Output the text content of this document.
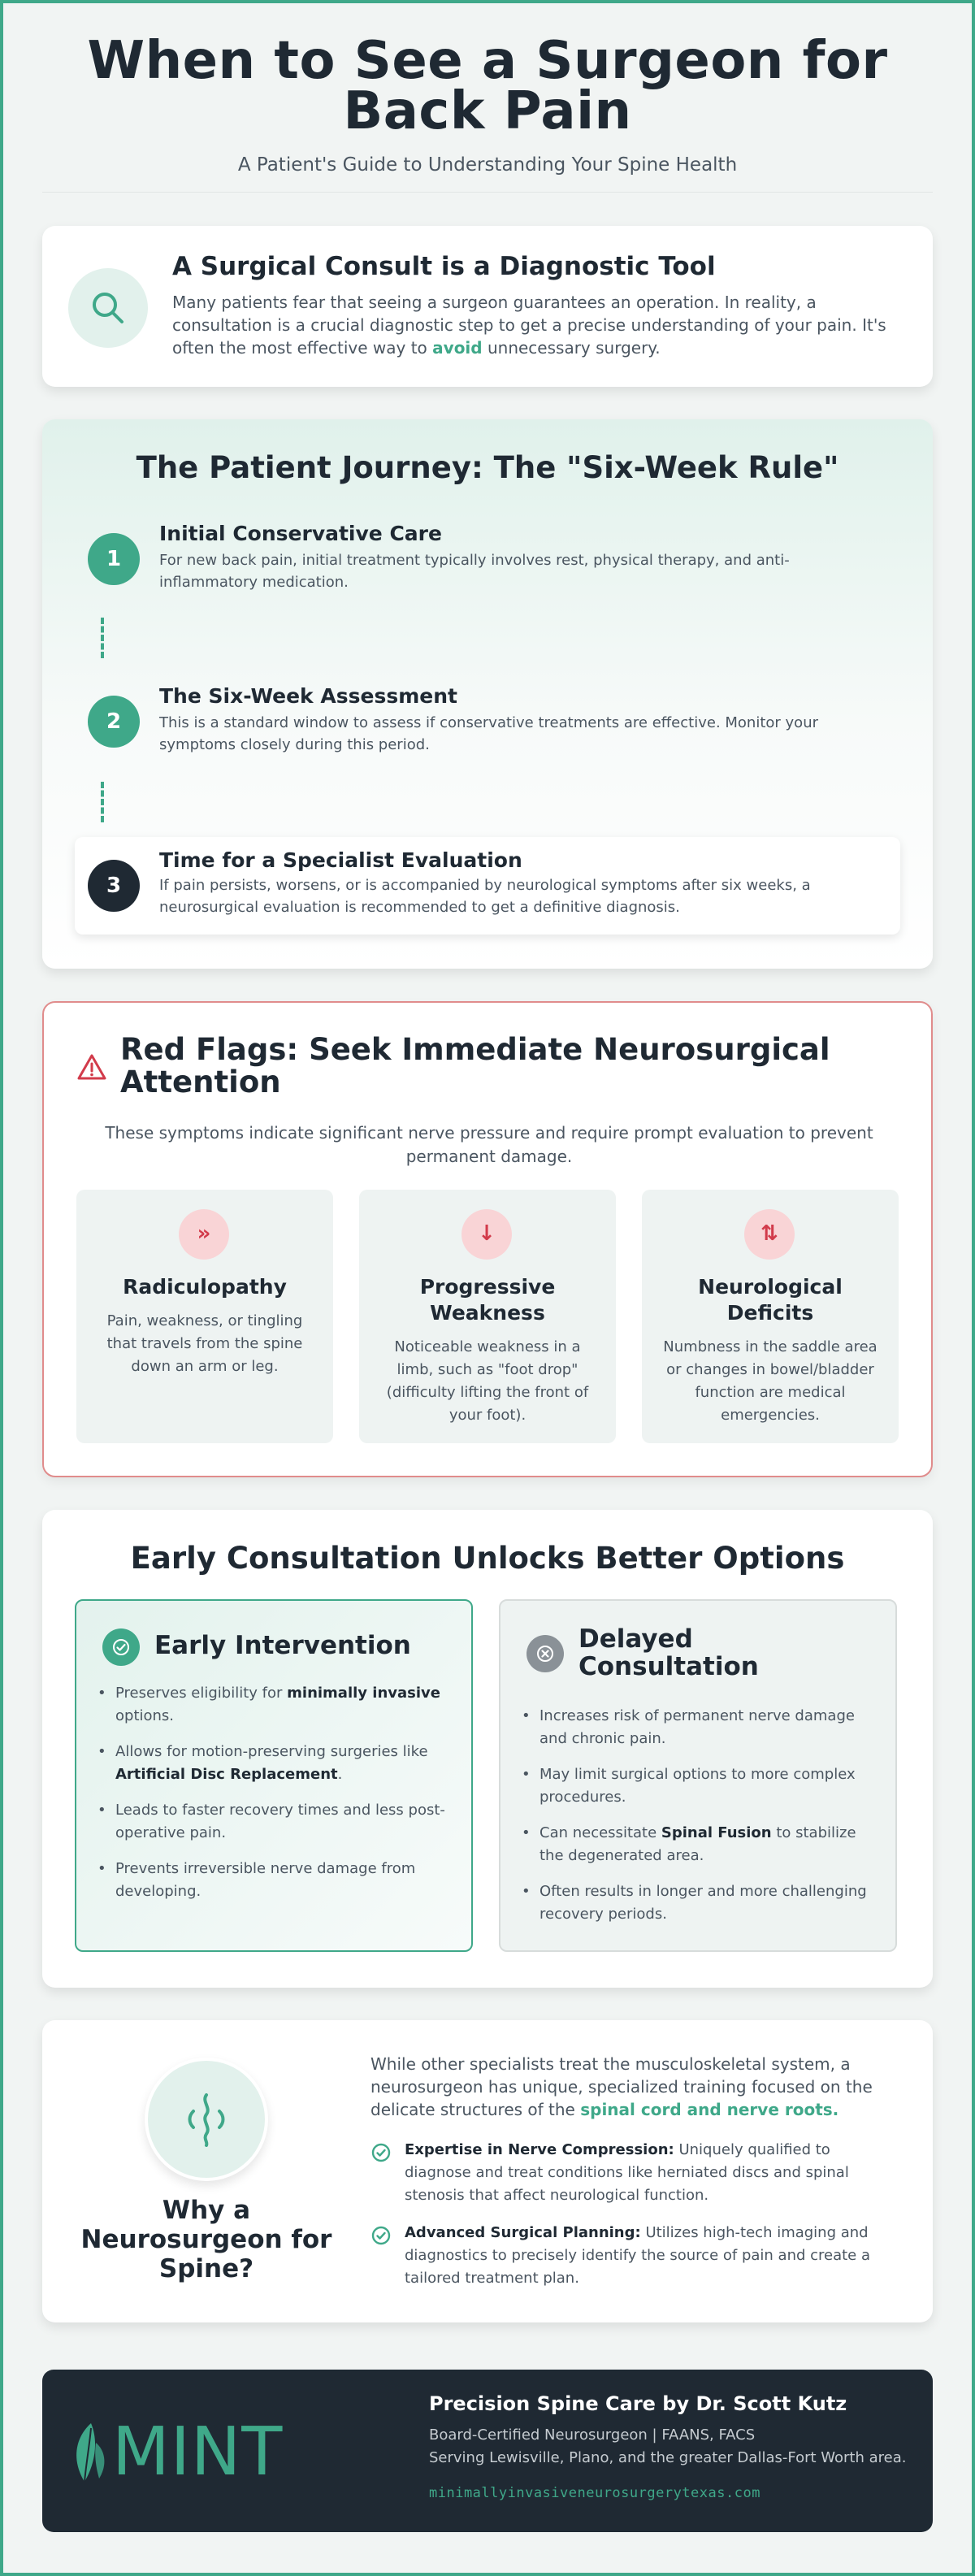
When to See a Surgeon for Back Pain
A Patient's Guide to Understanding Your Spine Health
A Surgical Consult is a Diagnostic Tool

Many patients fear that seeing a surgeon guarantees an operation. In reality, a consultation is a crucial diagnostic step to get a precise understanding of your pain. It's often the most effective way to avoid unnecessary surgery.

The Patient Journey: The "Six-Week Rule"
1
Initial Conservative Care

For new back pain, initial treatment typically involves rest, physical therapy, and anti-inflammatory medication.

2
The Six-Week Assessment

This is a standard window to assess if conservative treatments are effective. Monitor your symptoms closely during this period.

3
Time for a Specialist Evaluation

If pain persists, worsens, or is accompanied by neurological symptoms after six weeks, a neurosurgical evaluation is recommended to get a definitive diagnosis.

Red Flags: Seek Immediate Neurosurgical Attention
These symptoms indicate significant nerve pressure and require prompt evaluation to prevent permanent damage.
»
Radiculopathy

Pain, weakness, or tingling that travels from the spine down an arm or leg.

↓
Progressive Weakness

Noticeable weakness in a limb, such as "foot drop" (difficulty lifting the front of your foot).

⇅
Neurological Deficits

Numbness in the saddle area or changes in bowel/bladder function are medical emergencies.

Early Consultation Unlocks Better Options
Early Intervention
• Preserves eligibility for minimally invasive options.
• Allows for motion-preserving surgeries like Artificial Disc Replacement.
• Leads to faster recovery times and less post-operative pain.
• Prevents irreversible nerve damage from developing.
Delayed Consultation
• Increases risk of permanent nerve damage and chronic pain.
• May limit surgical options to more complex procedures.
• Can necessitate Spinal Fusion to stabilize the degenerated area.
• Often results in longer and more challenging recovery periods.
Why a Neurosurgeon for Spine?

While other specialists treat the musculoskeletal system, a neurosurgeon has unique, specialized training focused on the delicate structures of the spinal cord and nerve roots.

Expertise in Nerve Compression: Uniquely qualified to diagnose and treat conditions like herniated discs and spinal stenosis that affect neurological function.

Advanced Surgical Planning: Utilizes high-tech imaging and diagnostics to precisely identify the source of pain and create a tailored treatment plan.

MINT
Precision Spine Care by Dr. Scott Kutz
Board-Certified Neurosurgeon | FAANS, FACS
Serving Lewisville, Plano, and the greater Dallas-Fort Worth area.
minimallyinvasiveneurosurgerytexas.com
